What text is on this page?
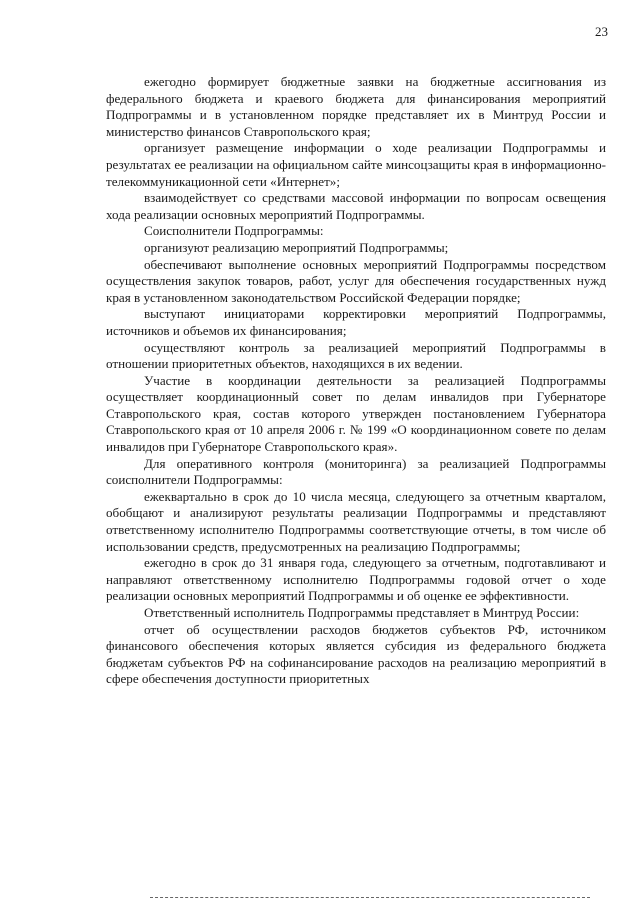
23

ежегодно формирует бюджетные заявки на бюджетные ассигнования из федерального бюджета и краевого бюджета для финансирования мероприятий Подпрограммы и в установленном порядке представляет их в Минтруд России и министерство финансов Ставропольского края;

организует размещение информации о ходе реализации Подпрограммы и результатах ее реализации на официальном сайте минсоцзащиты края в информационно-телекоммуникационной сети «Интернет»;

взаимодействует со средствами массовой информации по вопросам освещения хода реализации основных мероприятий Подпрограммы.

Соисполнители Подпрограммы:

организуют реализацию мероприятий Подпрограммы;

обеспечивают выполнение основных мероприятий Подпрограммы посредством осуществления закупок товаров, работ, услуг для обеспечения государственных нужд края в установленном законодательством Российской Федерации порядке;

выступают инициаторами корректировки мероприятий Подпрограммы, источников и объемов их финансирования;

осуществляют контроль за реализацией мероприятий Подпрограммы в отношении приоритетных объектов, находящихся в их ведении.

Участие в координации деятельности за реализацией Подпрограммы осуществляет координационный совет по делам инвалидов при Губернаторе Ставропольского края, состав которого утвержден постановлением Губернатора Ставропольского края от 10 апреля 2006 г. № 199 «О координационном совете по делам инвалидов при Губернаторе Ставропольского края».

Для оперативного контроля (мониторинга) за реализацией Подпрограммы соисполнители Подпрограммы:

ежеквартально в срок до 10 числа месяца, следующего за отчетным кварталом, обобщают и анализируют результаты реализации Подпрограммы и представляют ответственному исполнителю Подпрограммы соответствующие отчеты, в том числе об использовании средств, предусмотренных на реализацию Подпрограммы;

ежегодно в срок до 31 января года, следующего за отчетным, подготавливают и направляют ответственному исполнителю Подпрограммы годовой отчет о ходе реализации основных мероприятий Подпрограммы и об оценке ее эффективности.

Ответственный исполнитель Подпрограммы представляет в Минтруд России:

отчет об осуществлении расходов бюджетов субъектов РФ, источником финансового обеспечения которых является субсидия из федерального бюджета бюджетам субъектов РФ на софинансирование расходов на реализацию мероприятий в сфере обеспечения доступности приоритетных
